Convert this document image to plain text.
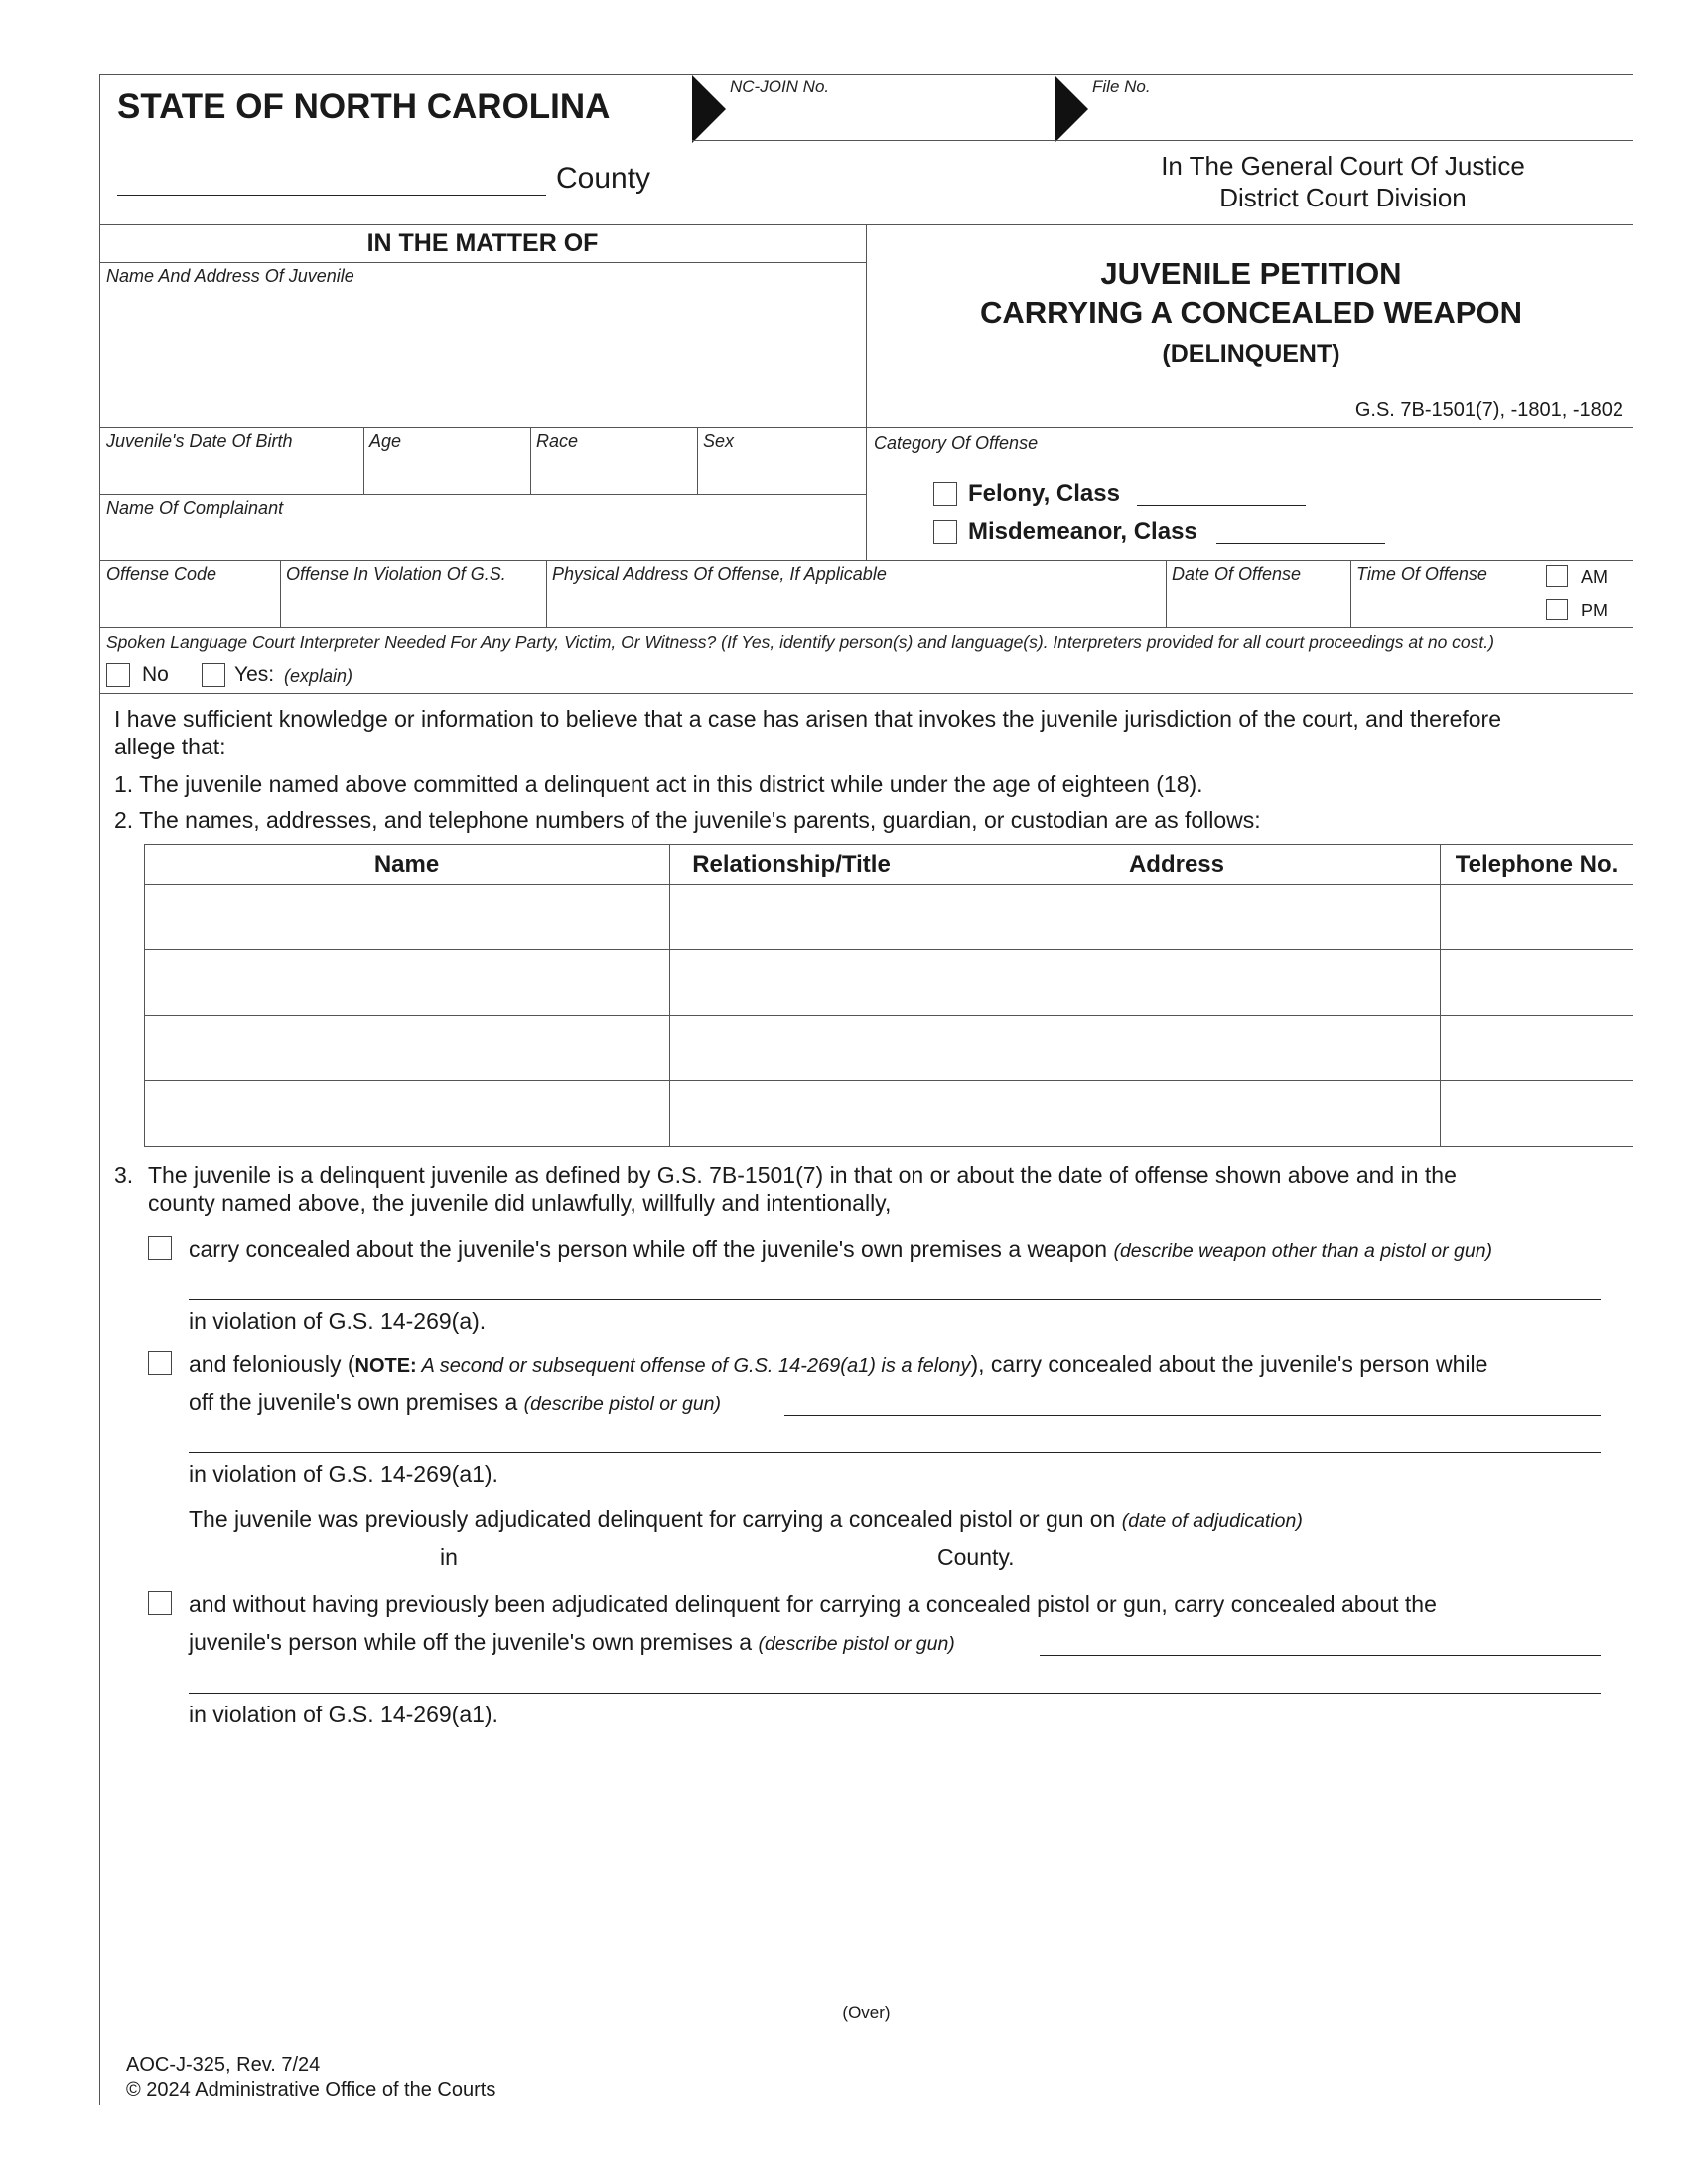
STATE OF NORTH CAROLINA
County
NC-JOIN No.	File No.
In The General Court Of Justice
District Court Division
IN THE MATTER OF
Name And Address Of Juvenile	JUVENILE PETITION
CARRYING A CONCEALED WEAPON
(DELINQUENT)
G.S. 7B-1501(7), -1801, -1802
Juvenile's Date Of Birth	Age	Race	Sex
Name Of Complainant
Category Of Offense
Felony, Class
Misdemeanor, Class
Offense Code	Offense In Violation Of G.S.	Physical Address Of Offense, If Applicable	Date Of Offense	Time Of Offense	AM
PM
Spoken Language Court Interpreter Needed For Any Party, Victim, Or Witness? (If Yes, identify person(s) and language(s). Interpreters provided for all court proceedings at no cost.)
No	Yes: (explain)
I have sufficient knowledge or information to believe that a case has arisen that invokes the juvenile jurisdiction of the court, and therefore
allege that:
1. The juvenile named above committed a delinquent act in this district while under the age of eighteen (18).
2. The names, addresses, and telephone numbers of the juvenile's parents, guardian, or custodian are as follows:
Name	Relationship/Title	Address	Telephone No.
3. The juvenile is a delinquent juvenile as defined by G.S. 7B-1501(7) in that on or about the date of offense shown above and in the
county named above, the juvenile did unlawfully, willfully and intentionally,
carry concealed about the juvenile's person while off the juvenile's own premises a weapon (describe weapon other than a pistol or gun)
in violation of G.S. 14-269(a).
and feloniously (NOTE: A second or subsequent offense of G.S. 14-269(a1) is a felony), carry concealed about the juvenile's person while
off the juvenile's own premises a (describe pistol or gun)
in violation of G.S. 14-269(a1).
The juvenile was previously adjudicated delinquent for carrying a concealed pistol or gun on (date of adjudication)
in	County.
and without having previously been adjudicated delinquent for carrying a concealed pistol or gun, carry concealed about the
juvenile's person while off the juvenile's own premises a (describe pistol or gun)
in violation of G.S. 14-269(a1).
(Over)
AOC-J-325, Rev. 7/24
© 2024 Administrative Office of the Courts
